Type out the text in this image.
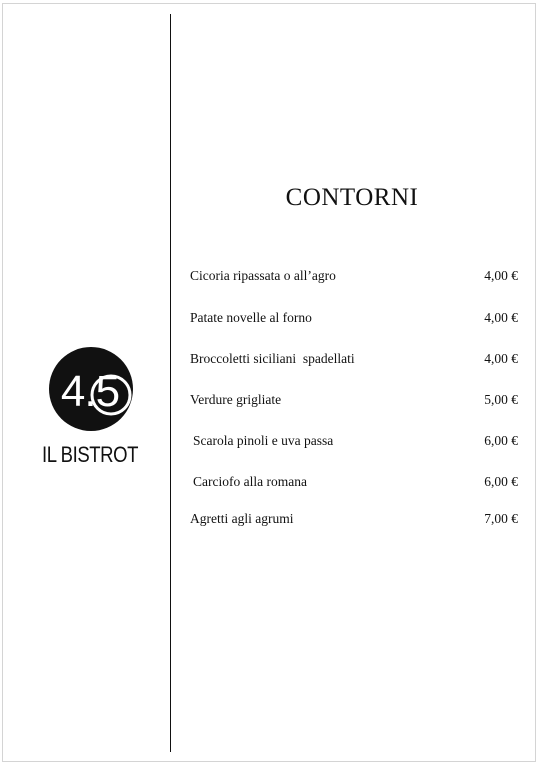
4.5
IL BISTROT
CONTORNI
Cicoria ripassata o all’agro	4,00 €
Patate novelle al forno	4,00 €
Broccoletti siciliani  spadellati	4,00 €
Verdure grigliate	5,00 €
Scarola pinoli e uva passa	6,00 €
Carciofo alla romana	6,00 €
Agretti agli agrumi	7,00 €
